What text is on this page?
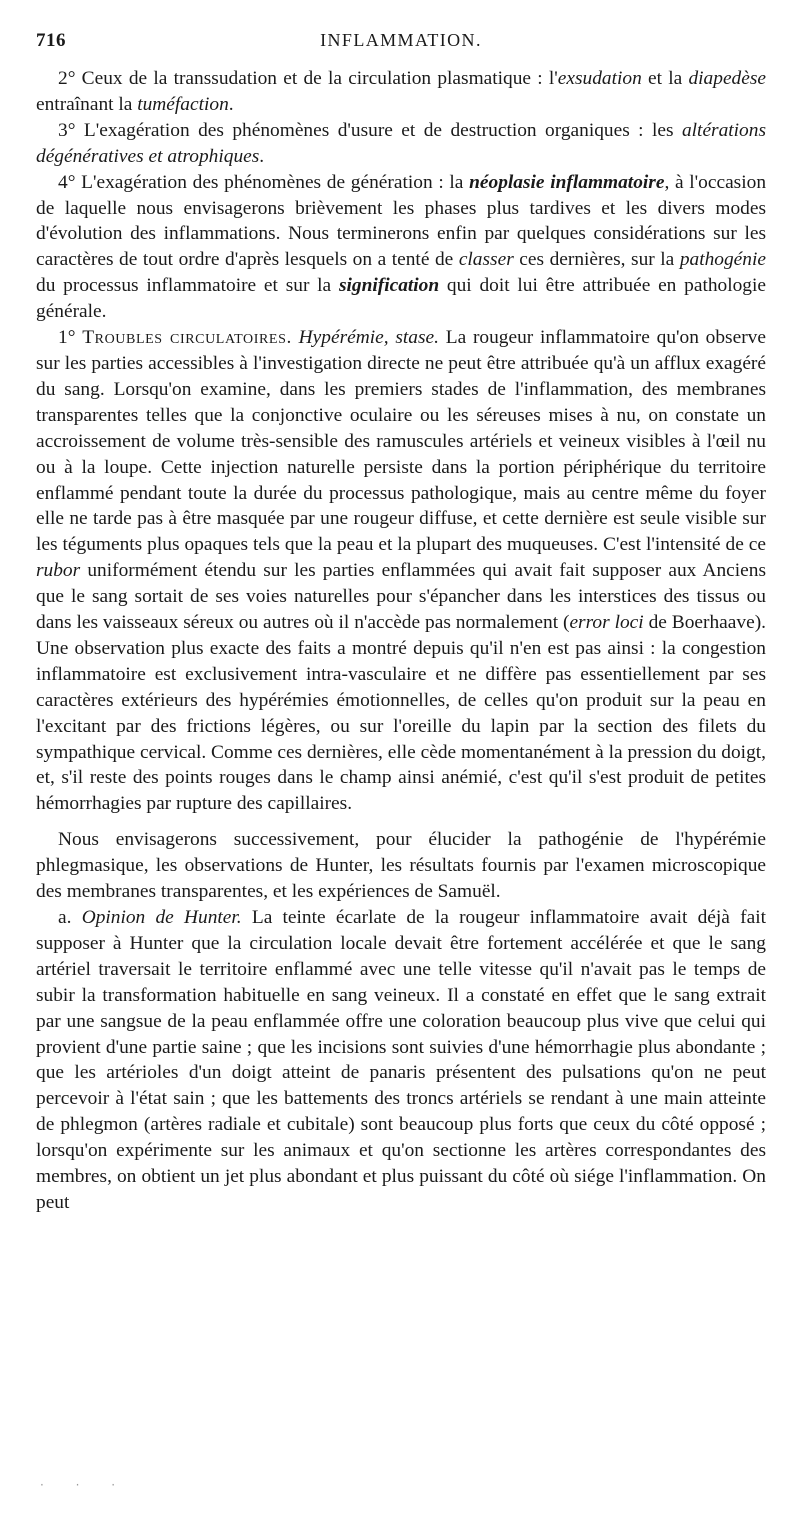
716	INFLAMMATION.

2° Ceux de la transsudation et de la circulation plasmatique : l'exsudation et la diapedèse entraînant la tuméfaction.

3° L'exagération des phénomènes d'usure et de destruction organiques : les altérations dégénératives et atrophiques.

4° L'exagération des phénomènes de génération : la néoplasie inflammatoire, à l'occasion de laquelle nous envisagerons brièvement les phases plus tardives et les divers modes d'évolution des inflammations. Nous terminerons enfin par quelques considérations sur les caractères de tout ordre d'après lesquels on a tenté de classer ces dernières, sur la pathogénie du processus inflammatoire et sur la signification qui doit lui être attribuée en pathologie générale.

1° Troubles circulatoires. Hypérémie, stase. La rougeur inflammatoire qu'on observe sur les parties accessibles à l'investigation directe ne peut être attribuée qu'à un afflux exagéré du sang. Lorsqu'on examine, dans les premiers stades de l'inflammation, des membranes transparentes telles que la conjonctive oculaire ou les séreuses mises à nu, on constate un accroissement de volume très-sensible des ramuscules artériels et veineux visibles à l'œil nu ou à la loupe. Cette injection naturelle persiste dans la portion périphérique du territoire enflammé pendant toute la durée du processus pathologique, mais au centre même du foyer elle ne tarde pas à être masquée par une rougeur diffuse, et cette dernière est seule visible sur les téguments plus opaques tels que la peau et la plupart des muqueuses. C'est l'intensité de ce rubor uniformément étendu sur les parties enflammées qui avait fait supposer aux Anciens que le sang sortait de ses voies naturelles pour s'épancher dans les interstices des tissus ou dans les vaisseaux séreux ou autres où il n'accède pas normalement (error loci de Boerhaave). Une observation plus exacte des faits a montré depuis qu'il n'en est pas ainsi : la congestion inflammatoire est exclusivement intra-vasculaire et ne diffère pas essentiellement par ses caractères extérieurs des hypérémies émotionnelles, de celles qu'on produit sur la peau en l'excitant par des frictions légères, ou sur l'oreille du lapin par la section des filets du sympathique cervical. Comme ces dernières, elle cède momentanément à la pression du doigt, et, s'il reste des points rouges dans le champ ainsi anémié, c'est qu'il s'est produit de petites hémorrhagies par rupture des capillaires.

Nous envisagerons successivement, pour élucider la pathogénie de l'hypérémie phlegmasique, les observations de Hunter, les résultats fournis par l'examen microscopique des membranes transparentes, et les expériences de Samuël.

a. Opinion de Hunter. La teinte écarlate de la rougeur inflammatoire avait déjà fait supposer à Hunter que la circulation locale devait être fortement accélérée et que le sang artériel traversait le territoire enflammé avec une telle vitesse qu'il n'avait pas le temps de subir la transformation habituelle en sang veineux. Il a constaté en effet que le sang extrait par une sangsue de la peau enflammée offre une coloration beaucoup plus vive que celui qui provient d'une partie saine ; que les incisions sont suivies d'une hémorrhagie plus abondante ; que les artérioles d'un doigt atteint de panaris présentent des pulsations qu'on ne peut percevoir à l'état sain ; que les battements des troncs artériels se rendant à une main atteinte de phlegmon (artères radiale et cubitale) sont beaucoup plus forts que ceux du côté opposé ; lorsqu'on expérimente sur les animaux et qu'on sectionne les artères correspondantes des membres, on obtient un jet plus abondant et plus puissant du côté où siége l'inflammation. On peut

· · ·
